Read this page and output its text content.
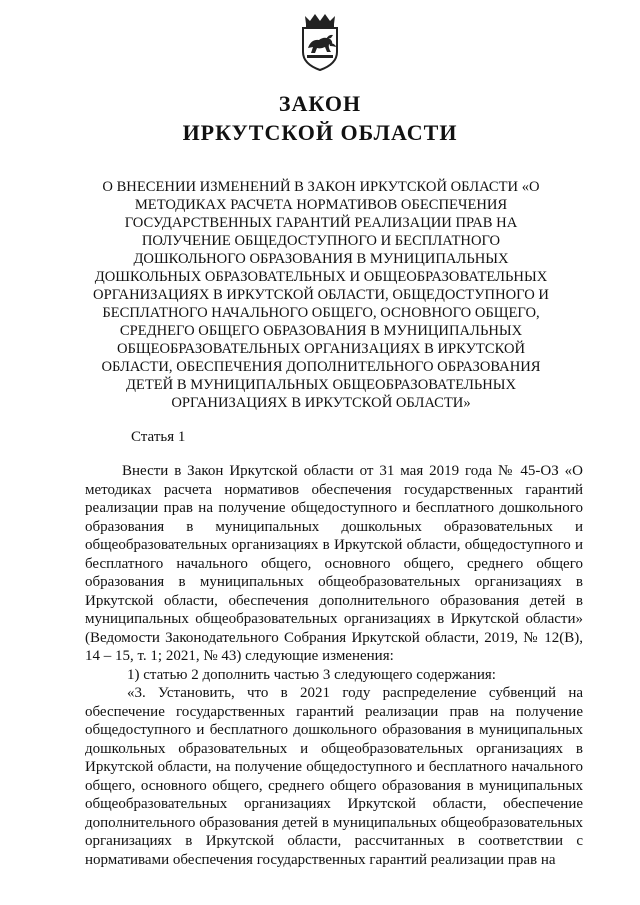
ЗАКОН
ИРКУТСКОЙ ОБЛАСТИ
О ВНЕСЕНИИ ИЗМЕНЕНИЙ В ЗАКОН ИРКУТСКОЙ ОБЛАСТИ «О МЕТОДИКАХ РАСЧЕТА НОРМАТИВОВ ОБЕСПЕЧЕНИЯ ГОСУДАРСТВЕННЫХ ГАРАНТИЙ РЕАЛИЗАЦИИ ПРАВ НА ПОЛУЧЕНИЕ ОБЩЕДОСТУПНОГО И БЕСПЛАТНОГО ДОШКОЛЬНОГО ОБРАЗОВАНИЯ В МУНИЦИПАЛЬНЫХ ДОШКОЛЬНЫХ ОБРАЗОВАТЕЛЬНЫХ И ОБЩЕОБРАЗОВАТЕЛЬНЫХ ОРГАНИЗАЦИЯХ В ИРКУТСКОЙ ОБЛАСТИ, ОБЩЕДОСТУПНОГО И БЕСПЛАТНОГО НАЧАЛЬНОГО ОБЩЕГО, ОСНОВНОГО ОБЩЕГО, СРЕДНЕГО ОБЩЕГО ОБРАЗОВАНИЯ В МУНИЦИПАЛЬНЫХ ОБЩЕОБРАЗОВАТЕЛЬНЫХ ОРГАНИЗАЦИЯХ В ИРКУТСКОЙ ОБЛАСТИ, ОБЕСПЕЧЕНИЯ ДОПОЛНИТЕЛЬНОГО ОБРАЗОВАНИЯ ДЕТЕЙ В МУНИЦИПАЛЬНЫХ ОБЩЕОБРАЗОВАТЕЛЬНЫХ ОРГАНИЗАЦИЯХ В ИРКУТСКОЙ ОБЛАСТИ»
Статья 1

Внести в Закон Иркутской области от 31 мая 2019 года № 45-ОЗ «О методиках расчета нормативов обеспечения государственных гарантий реализации прав на получение общедоступного и бесплатного дошкольного образования в муниципальных дошкольных образовательных и общеобразовательных организациях в Иркутской области, общедоступного и бесплатного начального общего, основного общего, среднего общего образования в муниципальных общеобразовательных организациях в Иркутской области, обеспечения дополнительного образования детей в муниципальных общеобразовательных организациях в Иркутской области» (Ведомости Законодательного Собрания Иркутской области, 2019, № 12(В), 14 – 15, т. 1; 2021, № 43) следующие изменения:

1) статью 2 дополнить частью 3 следующего содержания:

«3. Установить, что в 2021 году распределение субвенций на обеспечение государственных гарантий реализации прав на получение общедоступного и бесплатного дошкольного образования в муниципальных дошкольных образовательных и общеобразовательных организациях в Иркутской области, на получение общедоступного и бесплатного начального общего, основного общего, среднего общего образования в муниципальных общеобразовательных организациях Иркутской области, обеспечение дополнительного образования детей в муниципальных общеобразовательных организациях в Иркутской области, рассчитанных в соответствии с нормативами обеспечения государственных гарантий реализации прав на
